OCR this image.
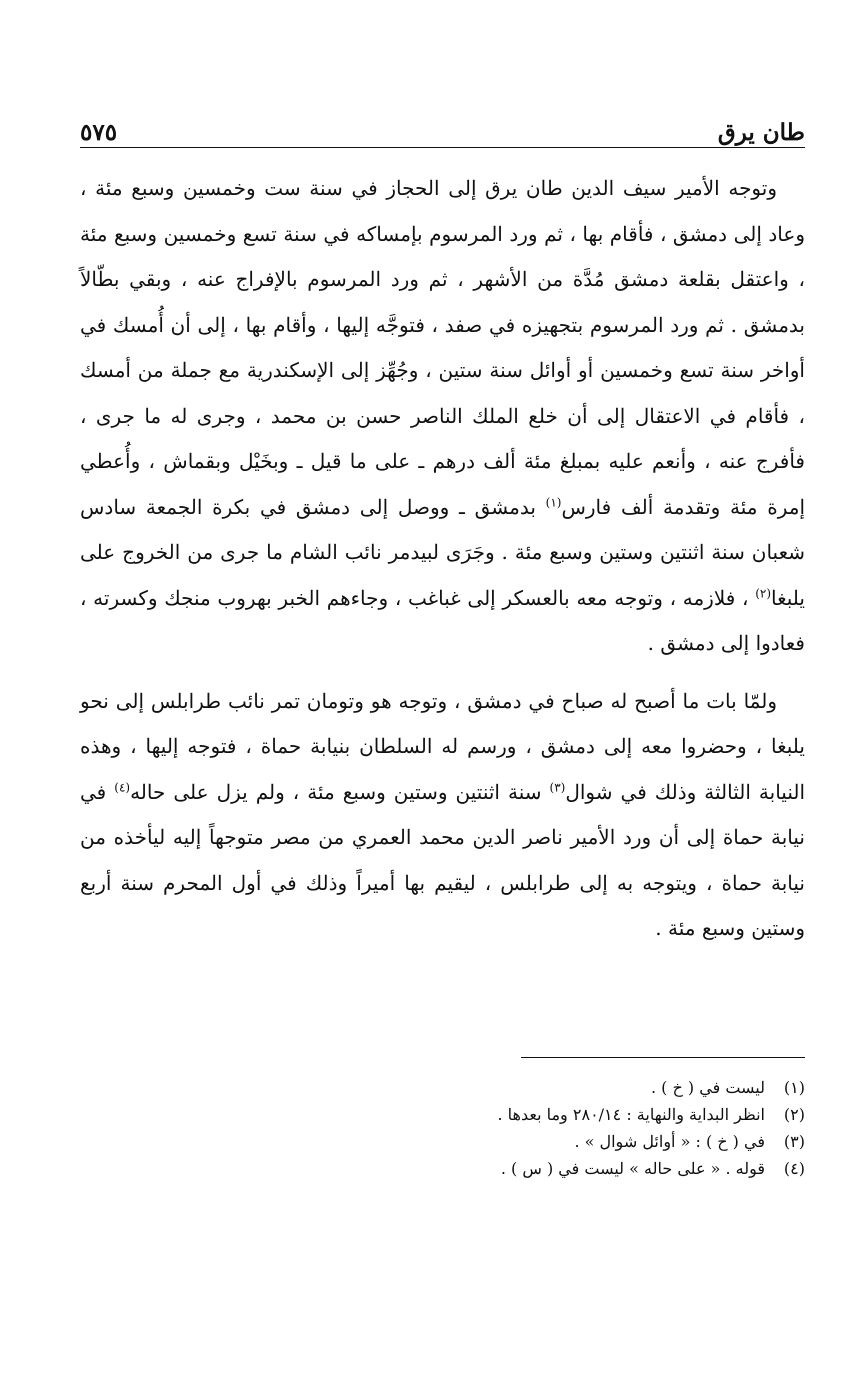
طان يرق
٥٧٥

وتوجه الأمير سيف الدين طان يرق إلى الحجاز في سنة ست وخمسين وسبع مئة ، وعاد إلى دمشق ، فأقام بها ، ثم ورد المرسوم بإمساكه في سنة تسع وخمسين وسبع مئة ، واعتقل بقلعة دمشق مُدَّة من الأشهر ، ثم ورد المرسوم بالإفراج عنه ، وبقي بطّالاً بدمشق . ثم ورد المرسوم بتجهيزه في صفد ، فتوجَّه إليها ، وأقام بها ، إلى أن أُمسك في أواخر سنة تسع وخمسين أو أوائل سنة ستين ، وجُهِّز إلى الإسكندرية مع جملة من أمسك ، فأقام في الاعتقال إلى أن خلع الملك الناصر حسن بن محمد ، وجرى له ما جرى ، فأفرج عنه ، وأنعم عليه بمبلغ مئة ألف درهم ـ على ما قيل ـ وبخَيْل وبقماش ، وأُعطي إمرة مئة وتقدمة ألف فارس$^{(١)}$ بدمشق ـ ووصل إلى دمشق في بكرة الجمعة سادس شعبان سنة اثنتين وستين وسبع مئة . وجَرَى لبيدمر نائب الشام ما جرى من الخروج على يلبغا$^{(٢)}$ ، فلازمه ، وتوجه معه بالعسكر إلى غباغب ، وجاءهم الخبر بهروب منجك وكسرته ، فعادوا إلى دمشق .

ولمّا بات ما أصبح له صباح في دمشق ، وتوجه هو وتومان تمر نائب طرابلس إلى نحو يلبغا ، وحضروا معه إلى دمشق ، ورسم له السلطان بنيابة حماة ، فتوجه إليها ، وهذه النيابة الثالثة وذلك في شوال$^{(٣)}$ سنة اثنتين وستين وسبع مئة ، ولم يزل على حاله$^{(٤)}$ في نيابة حماة إلى أن ورد الأمير ناصر الدين محمد العمري من مصر متوجهاً إليه ليأخذه من نيابة حماة ، ويتوجه به إلى طرابلس ، ليقيم بها أميراً وذلك في أول المحرم سنة أربع وستين وسبع مئة .

(١)
ليست في ( خ ) .
(٢)
انظر البداية والنهاية : ٢٨٠/١٤ وما بعدها .
(٣)
في ( خ ) : « أوائل شوال » .
(٤)
قوله . « على حاله » ليست في ( س ) .
